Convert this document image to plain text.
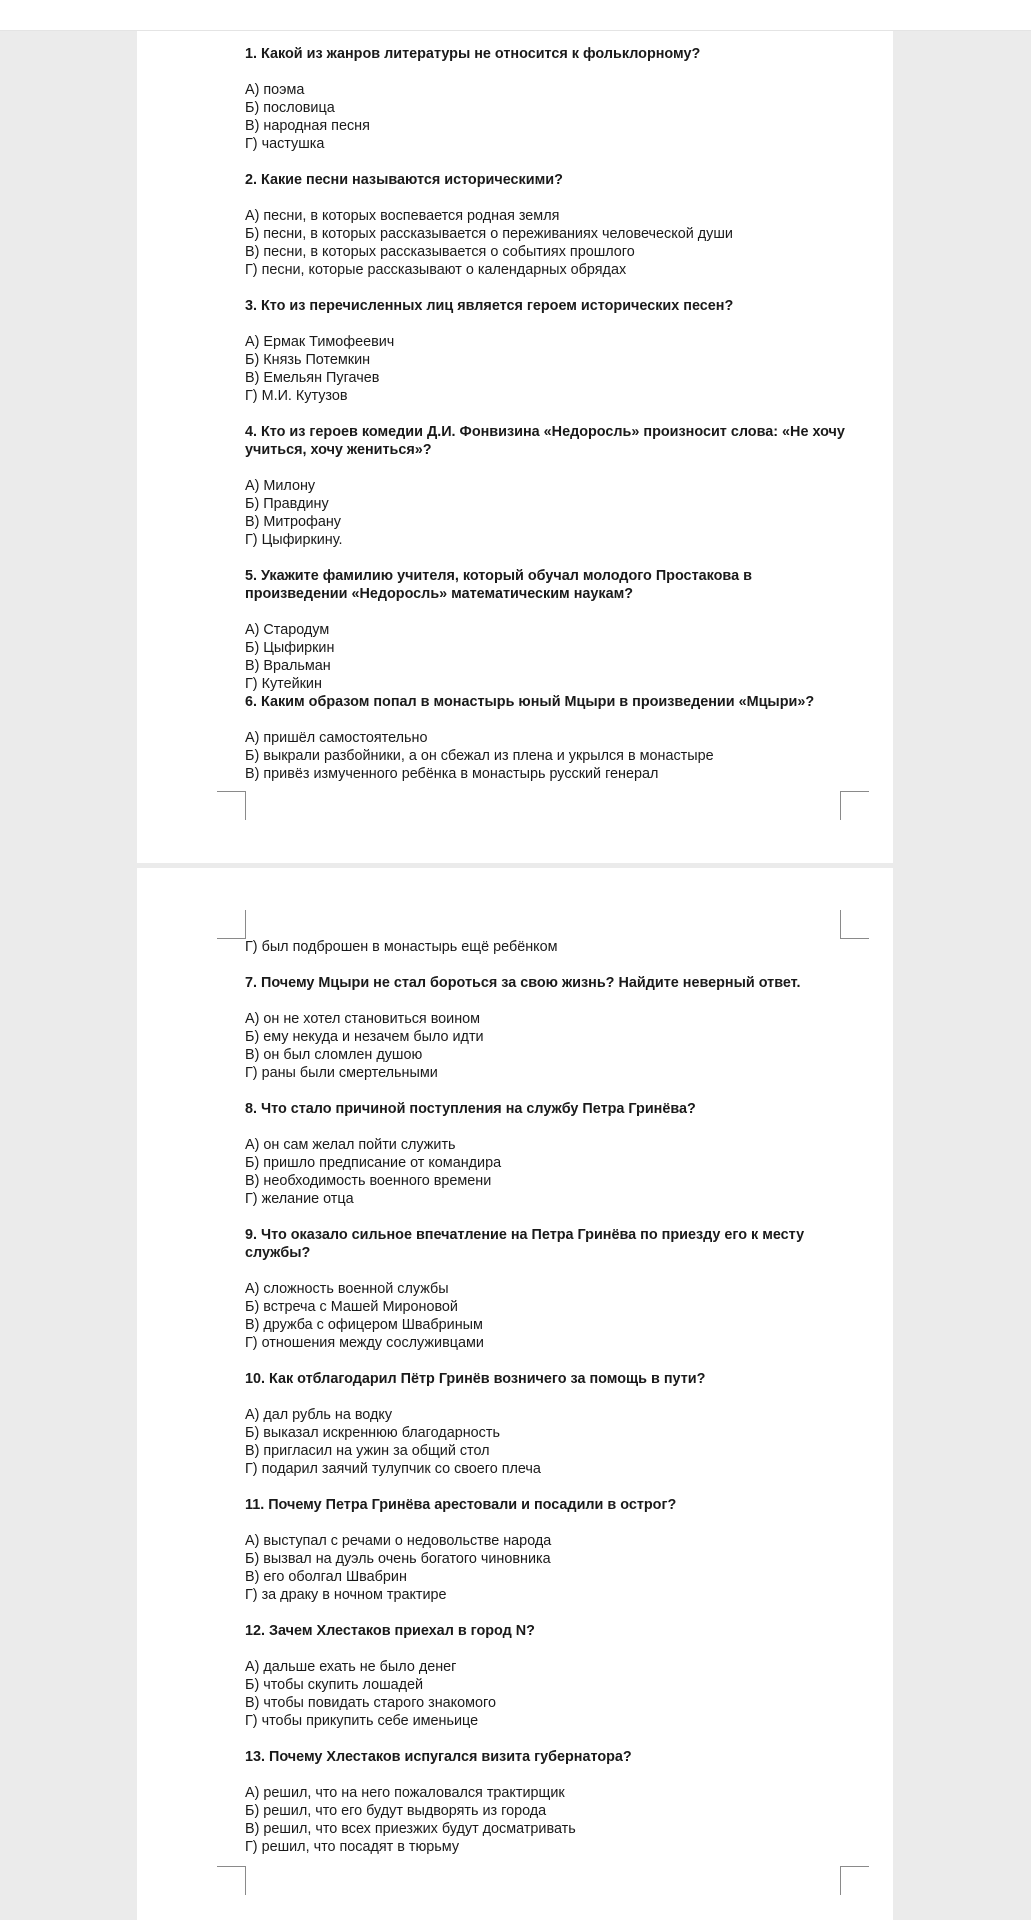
1. Какой из жанров литературы не относится к фольклорному?
А) поэма
Б) пословица
В) народная песня
Г) частушка
2. Какие песни называются историческими?
А) песни, в которых воспевается родная земля
Б) песни, в которых рассказывается о переживаниях человеческой души
В) песни, в которых рассказывается о событиях прошлого
Г) песни, которые рассказывают о календарных обрядах
3. Кто из перечисленных лиц является героем исторических песен?
А) Ермак Тимофеевич
Б) Князь Потемкин
В) Емельян Пугачев
Г) М.И. Кутузов
4. Кто из героев комедии Д.И. Фонвизина «Недоросль» произносит слова: «Не хочу учиться, хочу жениться»?
А) Милону
Б) Правдину
В) Митрофану
Г) Цыфиркину.
5. Укажите фамилию учителя, который обучал молодого Простакова в произведении «Недоросль» математическим наукам?
А) Стародум
Б) Цыфиркин
В) Вральман
Г) Кутейкин
6. Каким образом попал в монастырь юный Мцыри в произведении «Мцыри»?
А) пришёл самостоятельно
Б) выкрали разбойники, а он сбежал из плена и укрылся в монастыре
В) привёз измученного ребёнка в монастырь русский генерал
Г) был подброшен в монастырь ещё ребёнком
7. Почему Мцыри не стал бороться за свою жизнь? Найдите неверный ответ.
А) он не хотел становиться воином
Б) ему некуда и незачем было идти
В) он был сломлен душою
Г) раны были смертельными
8. Что стало причиной поступления на службу Петра Гринёва?
А) он сам желал пойти служить
Б) пришло предписание от командира
В) необходимость военного времени
Г) желание отца
9. Что оказало сильное впечатление на Петра Гринёва по приезду его к месту службы?
А) сложность военной службы
Б) встреча с Машей Мироновой
В) дружба с офицером Швабриным
Г) отношения между сослуживцами
10. Как отблагодарил Пётр Гринёв возничего за помощь в пути?
А) дал рубль на водку
Б) выказал искреннюю благодарность
В) пригласил на ужин за общий стол
Г) подарил заячий тулупчик со своего плеча
11. Почему Петра Гринёва арестовали и посадили в острог?
А) выступал с речами о недовольстве народа
Б) вызвал на дуэль очень богатого чиновника
В) его оболгал Швабрин
Г) за драку в ночном трактире
12. Зачем Хлестаков приехал в город N?
А) дальше ехать не было денег
Б) чтобы скупить лошадей
В) чтобы повидать старого знакомого
Г) чтобы прикупить себе именьице
13. Почему Хлестаков испугался визита губернатора?
А) решил, что на него пожаловался трактирщик
Б) решил, что его будут выдворять из города
В) решил, что всех приезжих будут досматривать
Г) решил, что посадят в тюрьму
